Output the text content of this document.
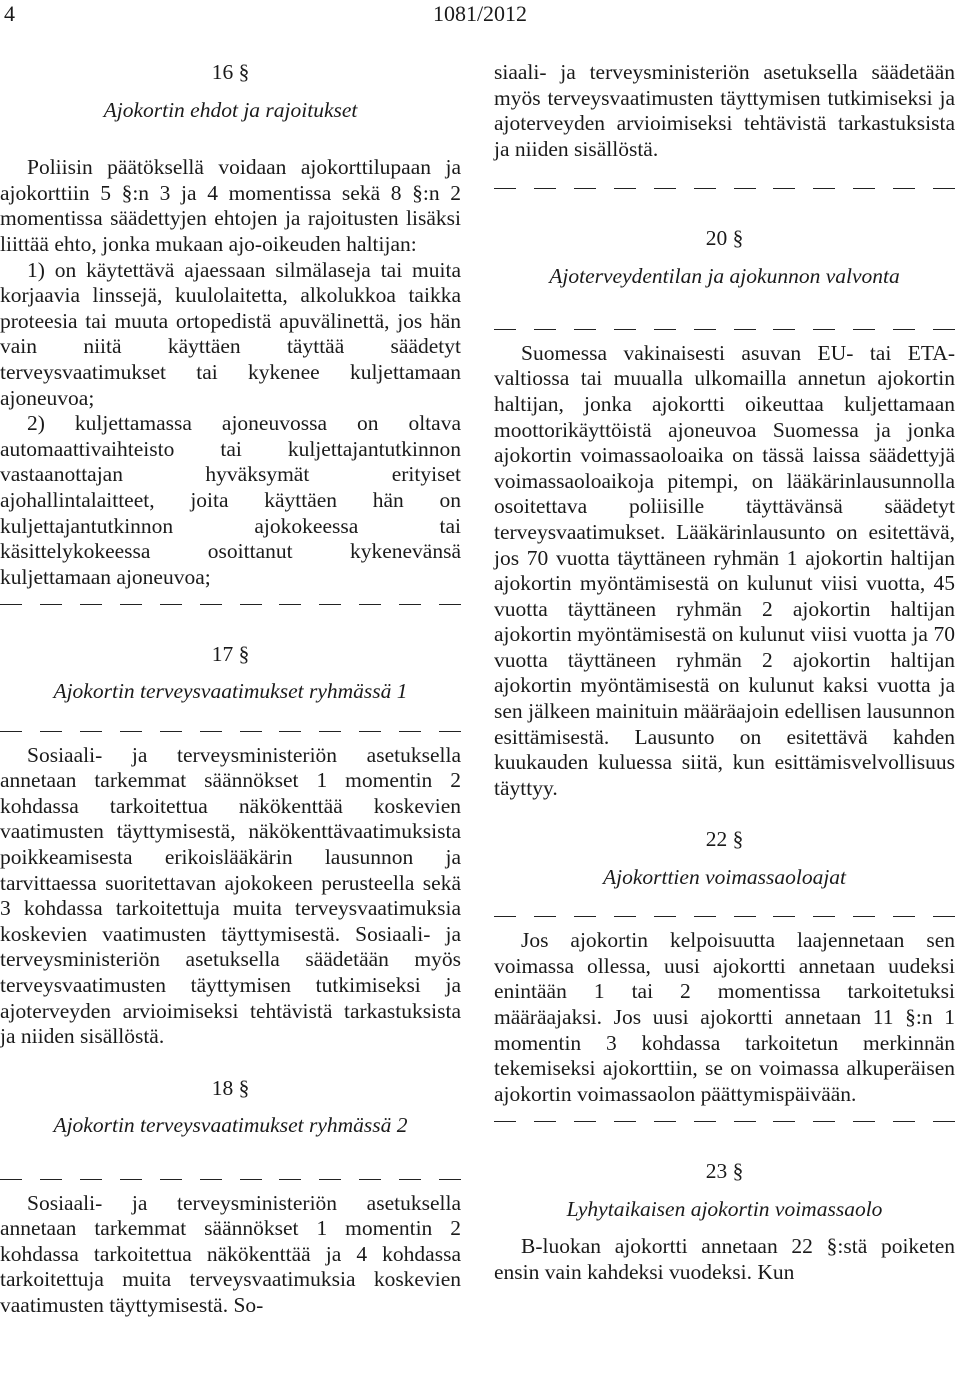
4	1081/2012

16 §

Ajokortin ehdot ja rajoitukset

Poliisin päätöksellä voidaan ajokorttilupaan ja ajokorttiin 5 §:n 3 ja 4 momentissa sekä 8 §:n 2 momentissa säädettyjen ehtojen ja rajoitusten lisäksi liittää ehto, jonka mukaan ajo-oikeuden haltijan:

1) on käytettävä ajaessaan silmälaseja tai muita korjaavia linssejä, kuulolaitetta, alkolukkoa taikka proteesia tai muuta ortopedistä apuvälinettä, jos hän vain niitä käyttäen täyttää säädetyt terveysvaatimukset tai kykenee kuljettamaan ajoneuvoa;

2) kuljettamassa ajoneuvossa on oltava automaattivaihteisto tai kuljettajantutkinnon vastaanottajan hyväksymät erityiset ajohallintalaitteet, joita käyttäen hän on kuljettajantutkinnon ajokokeessa tai käsittelykokeessa osoittanut kykenevänsä kuljettamaan ajoneuvoa;

17 §

Ajokortin terveysvaatimukset ryhmässä 1

Sosiaali- ja terveysministeriön asetuksella annetaan tarkemmat säännökset 1 momentin 2 kohdassa tarkoitettua näkökenttää koskevien vaatimusten täyttymisestä, näkökenttävaatimuksista poikkeamisesta erikoislääkärin lausunnon ja tarvittaessa suoritettavan ajokokeen perusteella sekä 3 kohdassa tarkoitettuja muita terveysvaatimuksia koskevien vaatimusten täyttymisestä. Sosiaali- ja terveysministeriön asetuksella säädetään myös terveysvaatimusten täyttymisen tutkimiseksi ja ajoterveyden arvioimiseksi tehtävistä tarkastuksista ja niiden sisällöstä.

18 §

Ajokortin terveysvaatimukset ryhmässä 2

Sosiaali- ja terveysministeriön asetuksella annetaan tarkemmat säännökset 1 momentin 2 kohdassa tarkoitettua näkökenttää ja 4 kohdassa tarkoitettuja muita terveysvaatimuksia koskevien vaatimusten täyttymisestä. So-

siaali- ja terveysministeriön asetuksella säädetään myös terveysvaatimusten täyttymisen tutkimiseksi ja ajoterveyden arvioimiseksi tehtävistä tarkastuksista ja niiden sisällöstä.

20 §

Ajoterveydentilan ja ajokunnon valvonta

Suomessa vakinaisesti asuvan EU- tai ETA-valtiossa tai muualla ulkomailla annetun ajokortin haltijan, jonka ajokortti oikeuttaa kuljettamaan moottorikäyttöistä ajoneuvoa Suomessa ja jonka ajokortin voimassaoloaika on tässä laissa säädettyjä voimassaoloaikoja pitempi, on lääkärinlausunnolla osoitettava poliisille täyttävänsä säädetyt terveysvaatimukset. Lääkärinlausunto on esitettävä, jos 70 vuotta täyttäneen ryhmän 1 ajokortin haltijan ajokortin myöntämisestä on kulunut viisi vuotta, 45 vuotta täyttäneen ryhmän 2 ajokortin haltijan ajokortin myöntämisestä on kulunut viisi vuotta ja 70 vuotta täyttäneen ryhmän 2 ajokortin haltijan ajokortin myöntämisestä on kulunut kaksi vuotta ja sen jälkeen mainituin määräajoin edellisen lausunnon esittämisestä. Lausunto on esitettävä kahden kuukauden kuluessa siitä, kun esittämisvelvollisuus täyttyy.

22 §

Ajokorttien voimassaoloajat

Jos ajokortin kelpoisuutta laajennetaan sen voimassa ollessa, uusi ajokortti annetaan uudeksi enintään 1 tai 2 momentissa tarkoitetuksi määräajaksi. Jos uusi ajokortti annetaan 11 §:n 1 momentin 3 kohdassa tarkoitetun merkinnän tekemiseksi ajokorttiin, se on voimassa alkuperäisen ajokortin voimassaolon päättymispäivään.

23 §

Lyhytaikaisen ajokortin voimassaolo

B-luokan ajokortti annetaan 22 §:stä poiketen ensin vain kahdeksi vuodeksi. Kun
